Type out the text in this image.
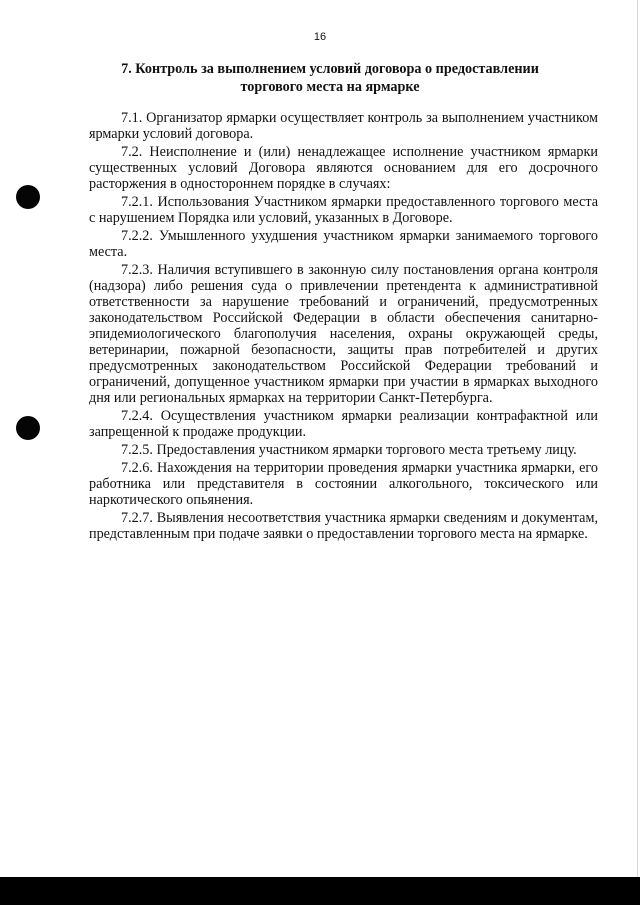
16
7. Контроль за выполнением условий договора о предоставлении
торгового места на ярмарке

7.1. Организатор ярмарки осуществляет контроль за выполнением участником ярмарки условий договора.

7.2. Неисполнение и (или) ненадлежащее исполнение участником ярмарки существенных условий Договора являются основанием для его досрочного расторжения в одностороннем порядке в случаях:

7.2.1. Использования Участником ярмарки предоставленного торгового места с нарушением Порядка или условий, указанных в Договоре.

7.2.2. Умышленного ухудшения участником ярмарки занимаемого торгового места.

7.2.3. Наличия вступившего в законную силу постановления органа контроля (надзора) либо решения суда о привлечении претендента к административной ответственности за нарушение требований и ограничений, предусмотренных законодательством Российской Федерации в области обеспечения санитарно-эпидемиологического благополучия населения, охраны окружающей среды, ветеринарии, пожарной безопасности, защиты прав потребителей и других предусмотренных законодательством Российской Федерации требований и ограничений, допущенное участником ярмарки при участии в ярмарках выходного дня или региональных ярмарках на территории Санкт-Петербурга.

7.2.4. Осуществления участником ярмарки реализации контрафактной или запрещенной к продаже продукции.

7.2.5. Предоставления участником ярмарки торгового места третьему лицу.

7.2.6. Нахождения на территории проведения ярмарки участника ярмарки, его работника или представителя в состоянии алкогольного, токсического или наркотического опьянения.

7.2.7. Выявления несоответствия участника ярмарки сведениям и документам, представленным при подаче заявки о предоставлении торгового места на ярмарке.
